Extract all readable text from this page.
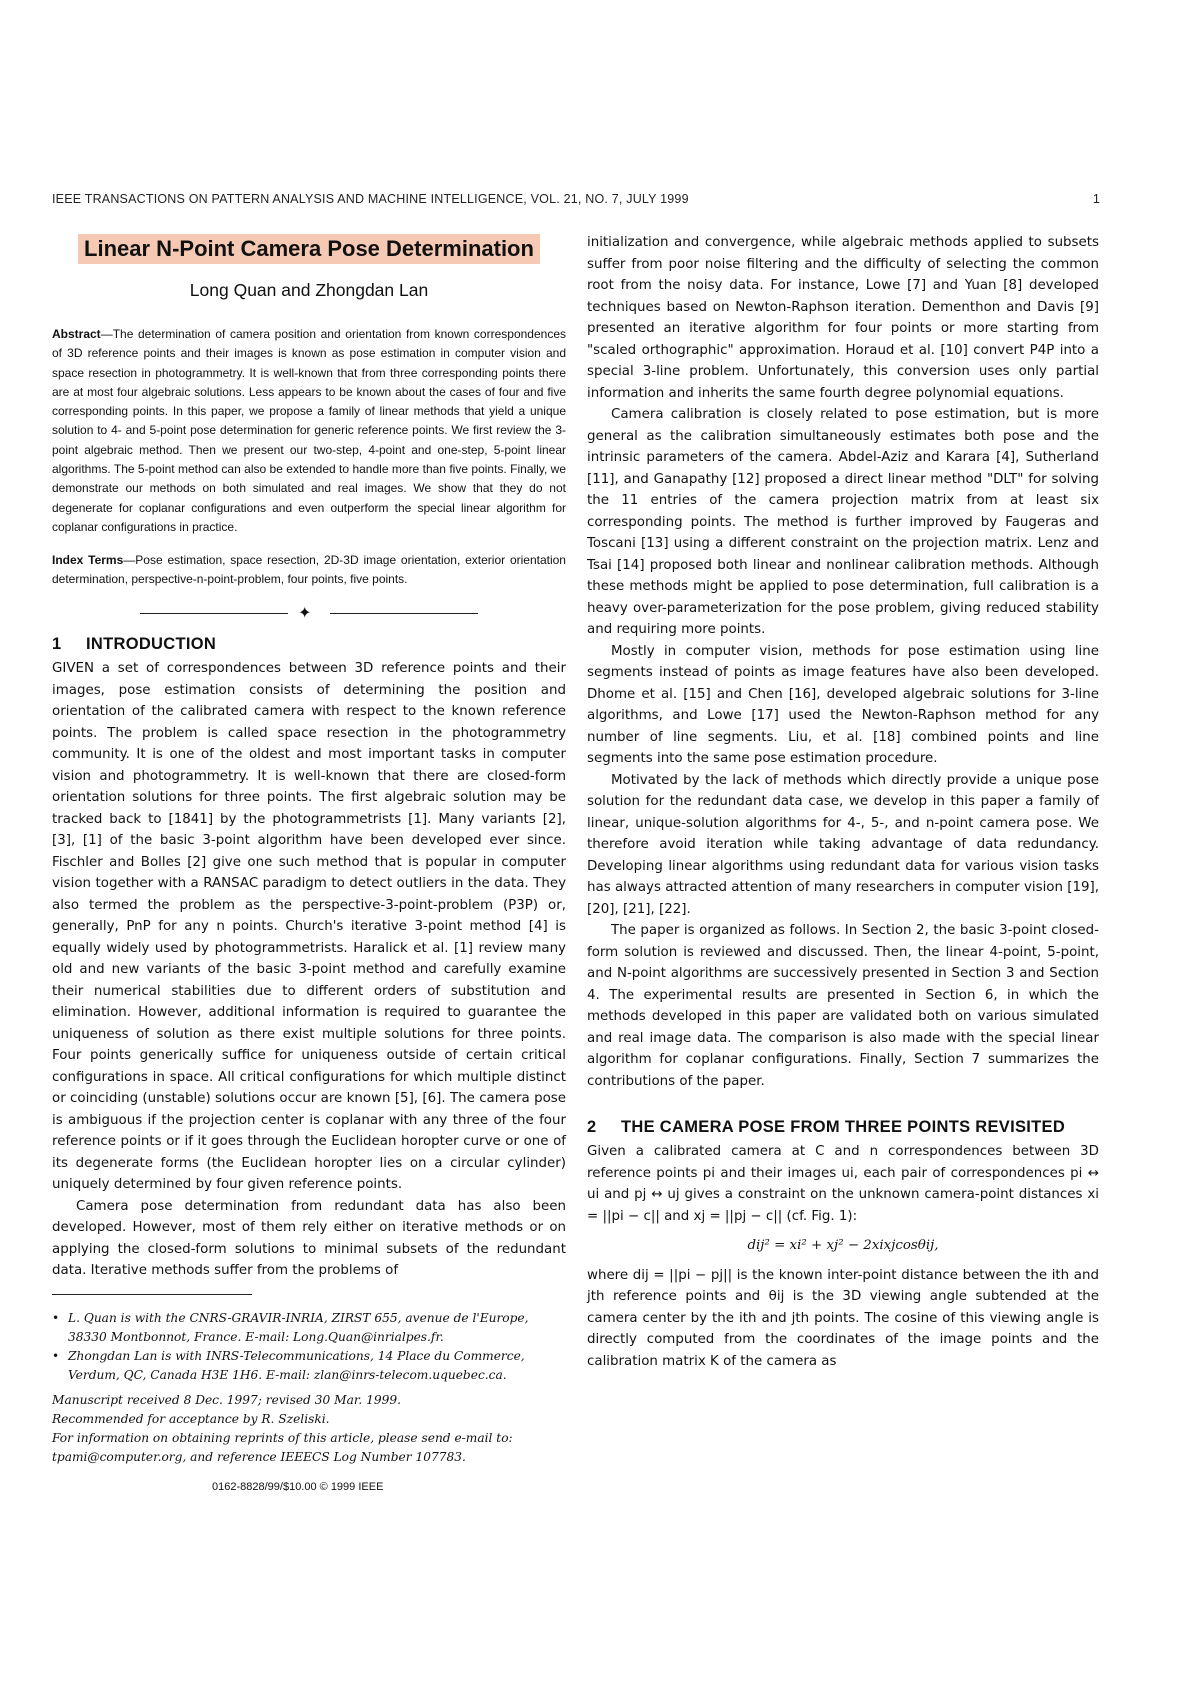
IEEE TRANSACTIONS ON PATTERN ANALYSIS AND MACHINE INTELLIGENCE, VOL. 21, NO. 7, JULY 1999	1
Linear N-Point Camera Pose Determination
Long Quan and Zhongdan Lan
Abstract—The determination of camera position and orientation from known correspondences of 3D reference points and their images is known as pose estimation in computer vision and space resection in photogrammetry. It is well-known that from three corresponding points there are at most four algebraic solutions. Less appears to be known about the cases of four and five corresponding points. In this paper, we propose a family of linear methods that yield a unique solution to 4- and 5-point pose determination for generic reference points. We first review the 3-point algebraic method. Then we present our two-step, 4-point and one-step, 5-point linear algorithms. The 5-point method can also be extended to handle more than five points. Finally, we demonstrate our methods on both simulated and real images. We show that they do not degenerate for coplanar configurations and even outperform the special linear algorithm for coplanar configurations in practice.
Index Terms—Pose estimation, space resection, 2D-3D image orientation, exterior orientation determination, perspective-n-point-problem, four points, five points.
✦
1 INTRODUCTION

GIVEN a set of correspondences between 3D reference points and their images, pose estimation consists of determining the position and orientation of the calibrated camera with respect to the known reference points. The problem is called space resection in the photogrammetry community. It is one of the oldest and most important tasks in computer vision and photogrammetry. It is well-known that there are closed-form orientation solutions for three points. The first algebraic solution may be tracked back to [1841] by the photogrammetrists [1]. Many variants [2], [3], [1] of the basic 3-point algorithm have been developed ever since. Fischler and Bolles [2] give one such method that is popular in computer vision together with a RANSAC paradigm to detect outliers in the data. They also termed the problem as the perspective-3-point-problem (P3P) or, generally, PnP for any n points. Church's iterative 3-point method [4] is equally widely used by photogrammetrists. Haralick et al. [1] review many old and new variants of the basic 3-point method and carefully examine their numerical stabilities due to different orders of substitution and elimination. However, additional information is required to guarantee the uniqueness of solution as there exist multiple solutions for three points. Four points generically suffice for uniqueness outside of certain critical configurations in space. All critical configurations for which multiple distinct or coinciding (unstable) solutions occur are known [5], [6]. The camera pose is ambiguous if the projection center is coplanar with any three of the four reference points or if it goes through the Euclidean horopter curve or one of its degenerate forms (the Euclidean horopter lies on a circular cylinder) uniquely determined by four given reference points.

Camera pose determination from redundant data has also been developed. However, most of them rely either on iterative methods or on applying the closed-form solutions to minimal subsets of the redundant data. Iterative methods suffer from the problems of

• L. Quan is with the CNRS-GRAVIR-INRIA, ZIRST 655, avenue de l'Europe, 38330 Montbonnot, France. E-mail: Long.Quan@inrialpes.fr.
• Zhongdan Lan is with INRS-Telecommunications, 14 Place du Commerce, Verdum, QC, Canada H3E 1H6. E-mail: zlan@inrs-telecom.uquebec.ca.
Manuscript received 8 Dec. 1997; revised 30 Mar. 1999.
Recommended for acceptance by R. Szeliski.
For information on obtaining reprints of this article, please send e-mail to: tpami@computer.org, and reference IEEECS Log Number 107783.
0162-8828/99/$10.00 © 1999 IEEE

initialization and convergence, while algebraic methods applied to subsets suffer from poor noise filtering and the difficulty of selecting the common root from the noisy data. For instance, Lowe [7] and Yuan [8] developed techniques based on Newton-Raphson iteration. Dementhon and Davis [9] presented an iterative algorithm for four points or more starting from "scaled orthographic" approximation. Horaud et al. [10] convert P4P into a special 3-line problem. Unfortunately, this conversion uses only partial information and inherits the same fourth degree polynomial equations.

Camera calibration is closely related to pose estimation, but is more general as the calibration simultaneously estimates both pose and the intrinsic parameters of the camera. Abdel-Aziz and Karara [4], Sutherland [11], and Ganapathy [12] proposed a direct linear method "DLT" for solving the 11 entries of the camera projection matrix from at least six corresponding points. The method is further improved by Faugeras and Toscani [13] using a different constraint on the projection matrix. Lenz and Tsai [14] proposed both linear and nonlinear calibration methods. Although these methods might be applied to pose determination, full calibration is a heavy over-parameterization for the pose problem, giving reduced stability and requiring more points.

Mostly in computer vision, methods for pose estimation using line segments instead of points as image features have also been developed. Dhome et al. [15] and Chen [16], developed algebraic solutions for 3-line algorithms, and Lowe [17] used the Newton-Raphson method for any number of line segments. Liu, et al. [18] combined points and line segments into the same pose estimation procedure.

Motivated by the lack of methods which directly provide a unique pose solution for the redundant data case, we develop in this paper a family of linear, unique-solution algorithms for 4-, 5-, and n-point camera pose. We therefore avoid iteration while taking advantage of data redundancy. Developing linear algorithms using redundant data for various vision tasks has always attracted attention of many researchers in computer vision [19], [20], [21], [22].

The paper is organized as follows. In Section 2, the basic 3-point closed-form solution is reviewed and discussed. Then, the linear 4-point, 5-point, and N-point algorithms are successively presented in Section 3 and Section 4. The experimental results are presented in Section 6, in which the methods developed in this paper are validated both on various simulated and real image data. The comparison is also made with the special linear algorithm for coplanar configurations. Finally, Section 7 summarizes the contributions of the paper.

2 THE CAMERA POSE FROM THREE POINTS REVISITED

Given a calibrated camera at C and n correspondences between 3D reference points pi and their images ui, each pair of correspondences pi ↔ ui and pj ↔ uj gives a constraint on the unknown camera-point distances xi = ||pi − c|| and xj = ||pj − c|| (cf. Fig. 1):

dij² = xi² + xj² − 2xixjcosθij,

where dij = ||pi − pj|| is the known inter-point distance between the ith and jth reference points and θij is the 3D viewing angle subtended at the camera center by the ith and jth points. The cosine of this viewing angle is directly computed from the coordinates of the image points and the calibration matrix K of the camera as
